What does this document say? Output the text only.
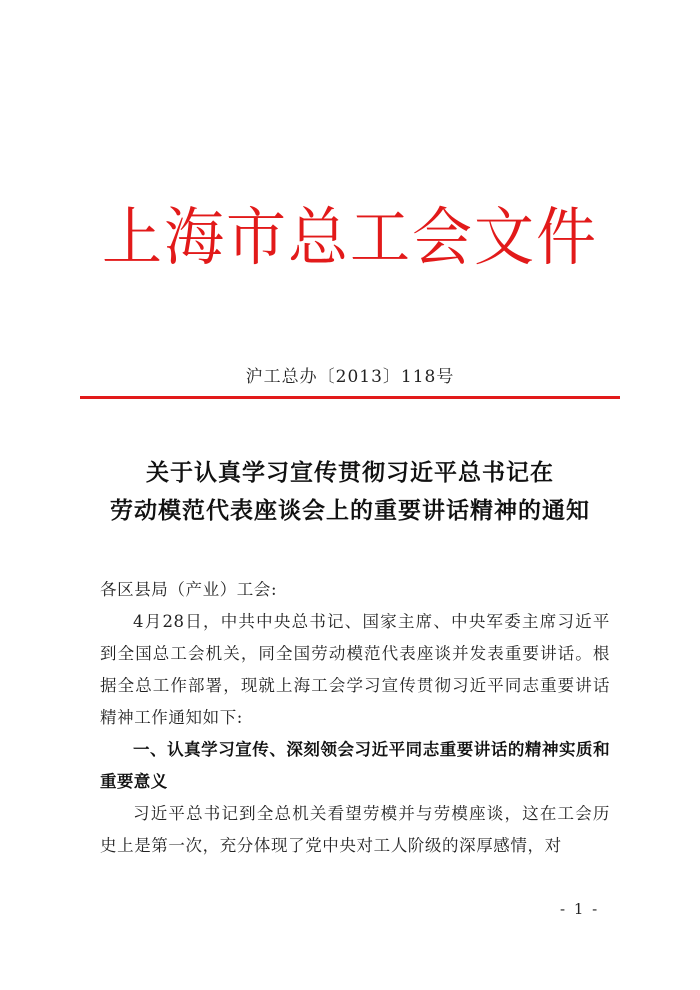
上海市总工会文件
沪工总办〔2013〕118号
关于认真学习宣传贯彻习近平总书记在
劳动模范代表座谈会上的重要讲话精神的通知

各区县局（产业）工会:

4月28日，中共中央总书记、国家主席、中央军委主席习近平到全国总工会机关，同全国劳动模范代表座谈并发表重要讲话。根据全总工作部署，现就上海工会学习宣传贯彻习近平同志重要讲话精神工作通知如下:

一、认真学习宣传、深刻领会习近平同志重要讲话的精神实质和重要意义

习近平总书记到全总机关看望劳模并与劳模座谈，这在工会历史上是第一次，充分体现了党中央对工人阶级的深厚感情，对

- 1 -
